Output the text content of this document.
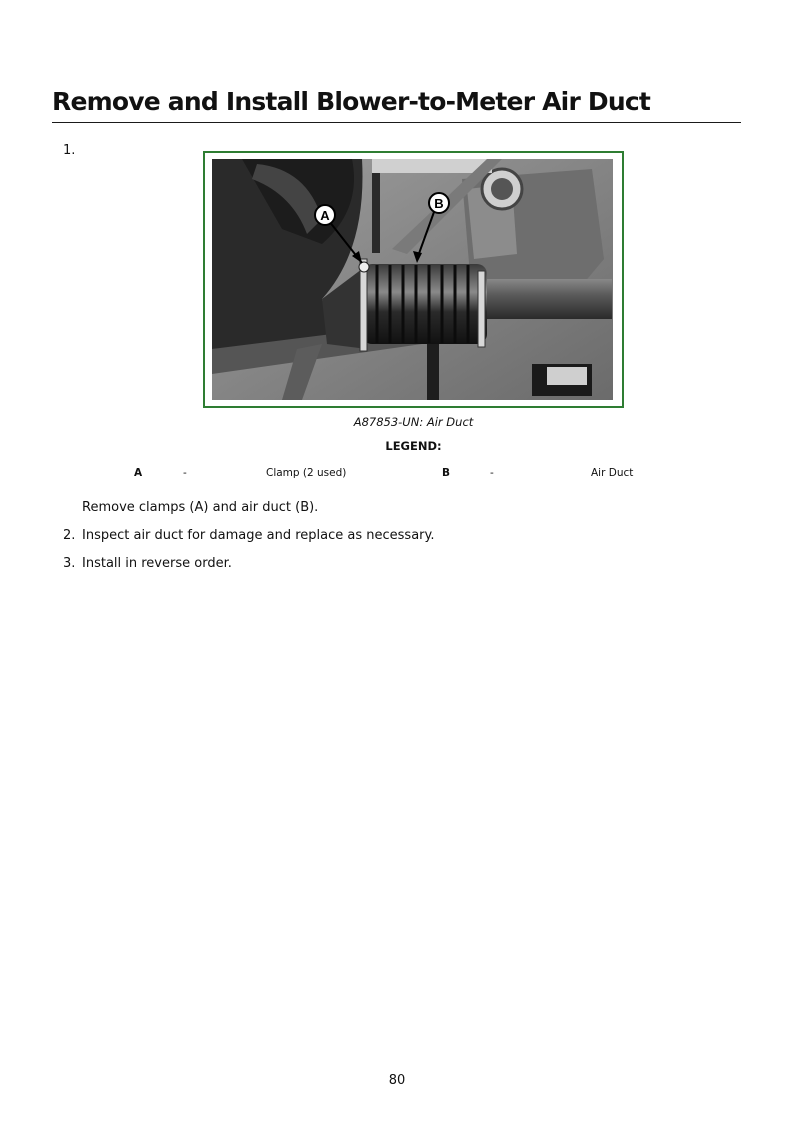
Remove and Install Blower-to-Meter Air Duct
1.
A
B
A87853-UN: Air Duct
LEGEND:
A	-	Clamp (2 used)	B	-	Air Duct
Remove clamps (A) and air duct (B).
2. Inspect air duct for damage and replace as necessary.
3. Install in reverse order.
80
